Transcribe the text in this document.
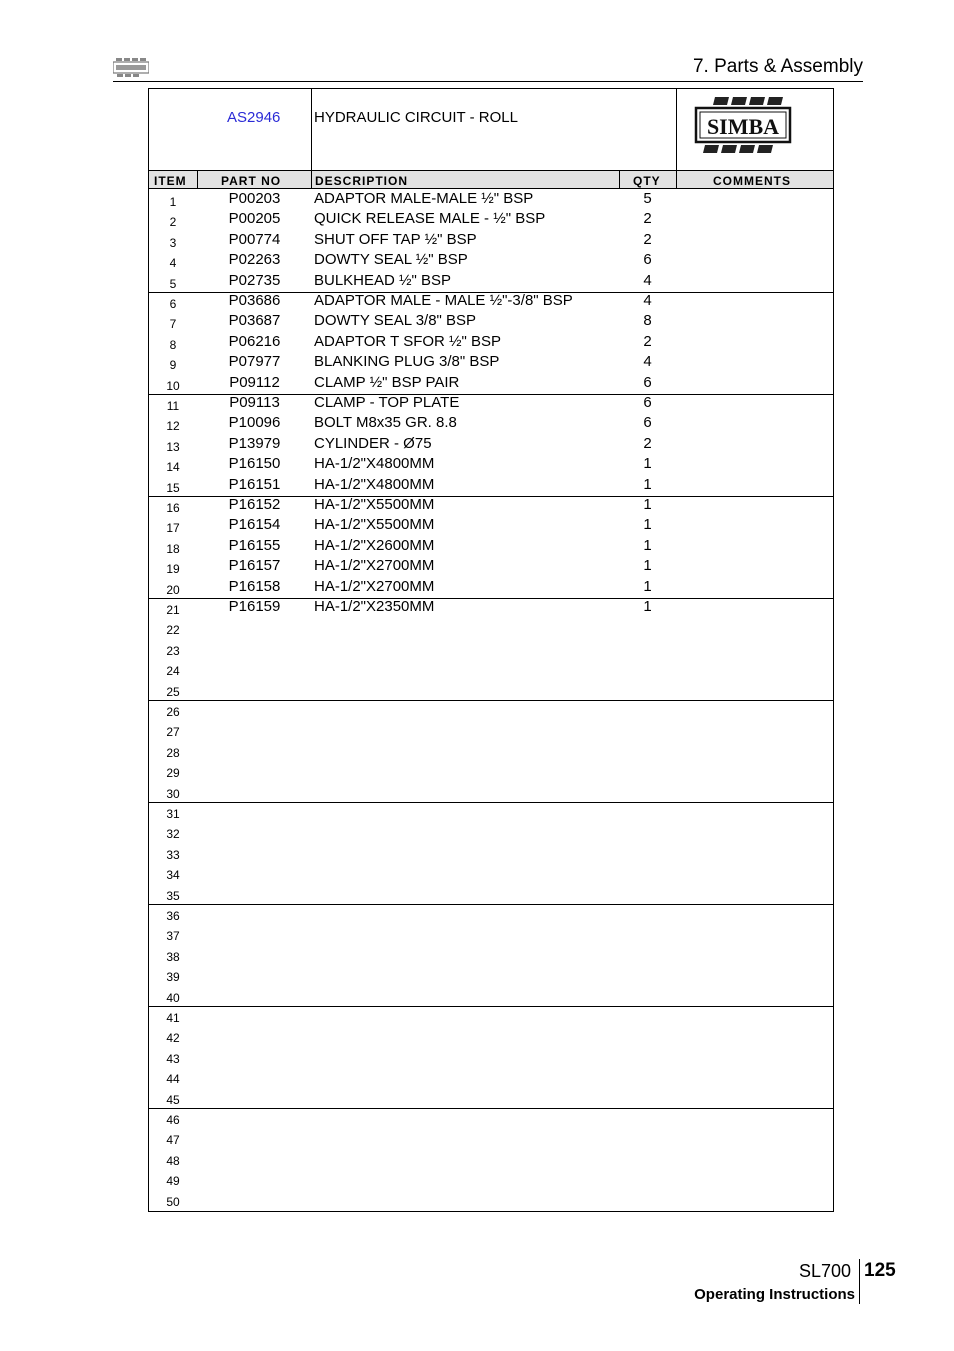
7. Parts & Assembly
AS2946 HYDRAULIC CIRCUIT - ROLL	SIMBA
ITEM	PART NO	DESCRIPTION	QTY	COMMENTS
1	P00203	ADAPTOR MALE-MALE ½" BSP	5
2	P00205	QUICK RELEASE MALE - ½" BSP	2
3	P00774	SHUT OFF TAP ½" BSP	2
4	P02263	DOWTY SEAL ½" BSP	6
5	P02735	BULKHEAD ½" BSP	4
6	P03686	ADAPTOR MALE - MALE ½"-3/8" BSP	4
7	P03687	DOWTY SEAL 3/8" BSP	8
8	P06216	ADAPTOR T SFOR ½" BSP	2
9	P07977	BLANKING PLUG 3/8" BSP	4
10	P09112	CLAMP ½" BSP PAIR	6
11	P09113	CLAMP - TOP PLATE	6
12	P10096	BOLT M8x35 GR. 8.8	6
13	P13979	CYLINDER - Ø75	2
14	P16150	HA-1/2"X4800MM	1
15	P16151	HA-1/2"X4800MM	1
16	P16152	HA-1/2"X5500MM	1
17	P16154	HA-1/2"X5500MM	1
18	P16155	HA-1/2"X2600MM	1
19	P16157	HA-1/2"X2700MM	1
20	P16158	HA-1/2"X2700MM	1
21	P16159	HA-1/2"X2350MM	1
22
23
24
25
26
27
28
29
30
31
32
33
34
35
36
37
38
39
40
41
42
43
44
45
46
47
48
49
50
SL700 125
Operating Instructions
